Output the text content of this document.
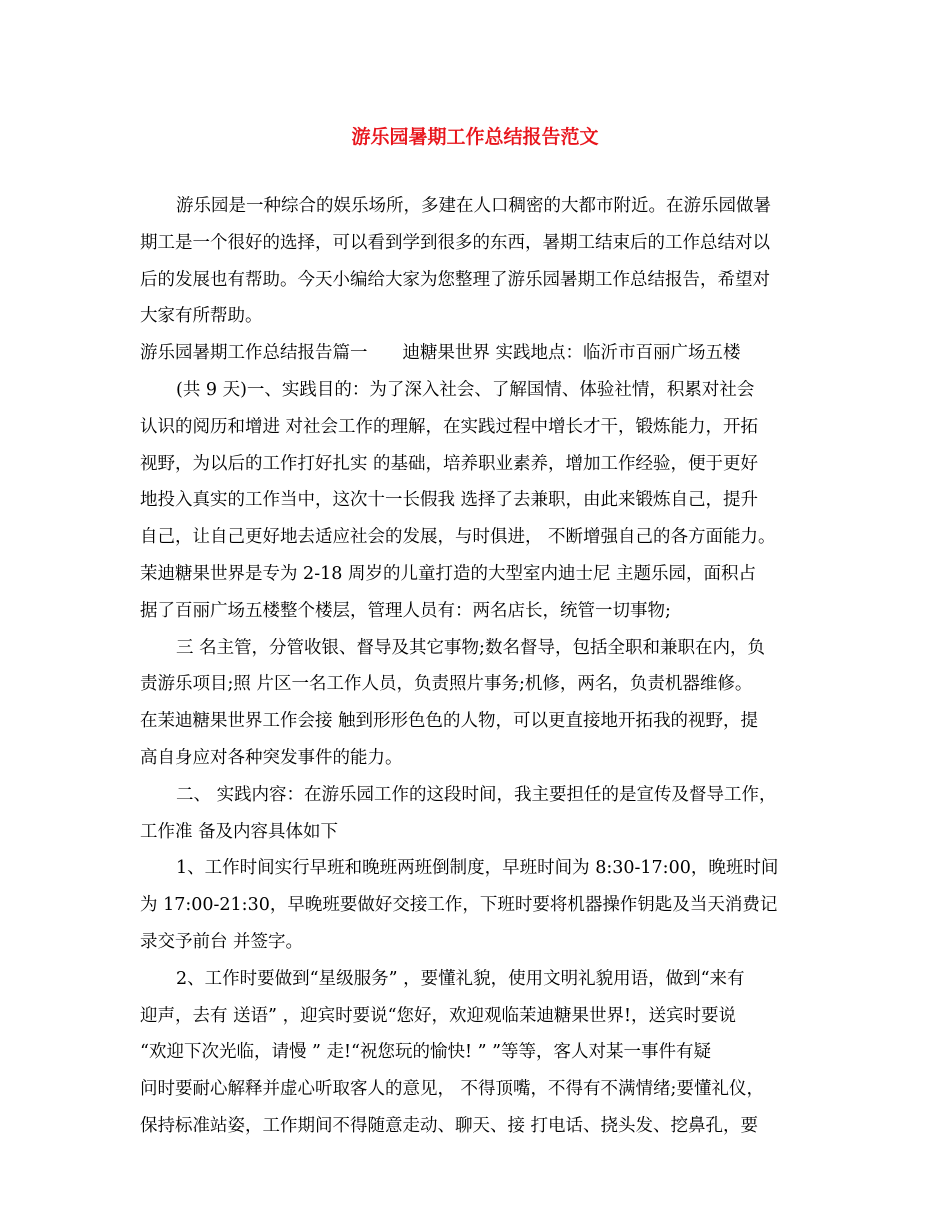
游乐园暑期工作总结报告范文
游乐园是一种综合的娱乐场所，多建在人口稠密的大都市附近。在游乐园做暑
期工是一个很好的选择，可以看到学到很多的东西，暑期工结束后的工作总结对以
后的发展也有帮助。今天小编给大家为您整理了游乐园暑期工作总结报告，希望对
大家有所帮助。
游乐园暑期工作总结报告篇一　　迪糖果世界 实践地点：临沂市百丽广场五楼
(共 9 天)一、实践目的：为了深入社会、了解国情、体验社情，积累对社会
认识的阅历和增进 对社会工作的理解，在实践过程中增长才干，锻炼能力，开拓
视野，为以后的工作打好扎实 的基础，培养职业素养，增加工作经验，便于更好
地投入真实的工作当中，这次十一长假我 选择了去兼职，由此来锻炼自己，提升
自己，让自己更好地去适应社会的发展，与时俱进， 不断增强自己的各方面能力。
茉迪糖果世界是专为 2-18 周岁的儿童打造的大型室内迪士尼 主题乐园，面积占
据了百丽广场五楼整个楼层，管理人员有：两名店长，统管一切事物;
三 名主管，分管收银、督导及其它事物;数名督导，包括全职和兼职在内，负
责游乐项目;照 片区一名工作人员，负责照片事务;机修，两名，负责机器维修。
在茉迪糖果世界工作会接 触到形形色色的人物，可以更直接地开拓我的视野，提
高自身应对各种突发事件的能力。
二、 实践内容：在游乐园工作的这段时间，我主要担任的是宣传及督导工作，
工作准 备及内容具体如下
1、工作时间实行早班和晚班两班倒制度，早班时间为 8:30-17:00，晚班时间
为 17:00-21:30，早晚班要做好交接工作，下班时要将机器操作钥匙及当天消费记
录交予前台 并签字。
2、工作时要做到“星级服务” ，要懂礼貌，使用文明礼貌用语，做到“来有
迎声，去有 送语” ，迎宾时要说“您好，欢迎观临茉迪糖果世界!，送宾时要说
“欢迎下次光临，请慢 ” 走!“祝您玩的愉快! ” ”等等，客人对某一事件有疑
问时要耐心解释并虚心听取客人的意见， 不得顶嘴，不得有不满情绪;要懂礼仪，
保持标准站姿，工作期间不得随意走动、聊天、接 打电话、挠头发、挖鼻孔，要
